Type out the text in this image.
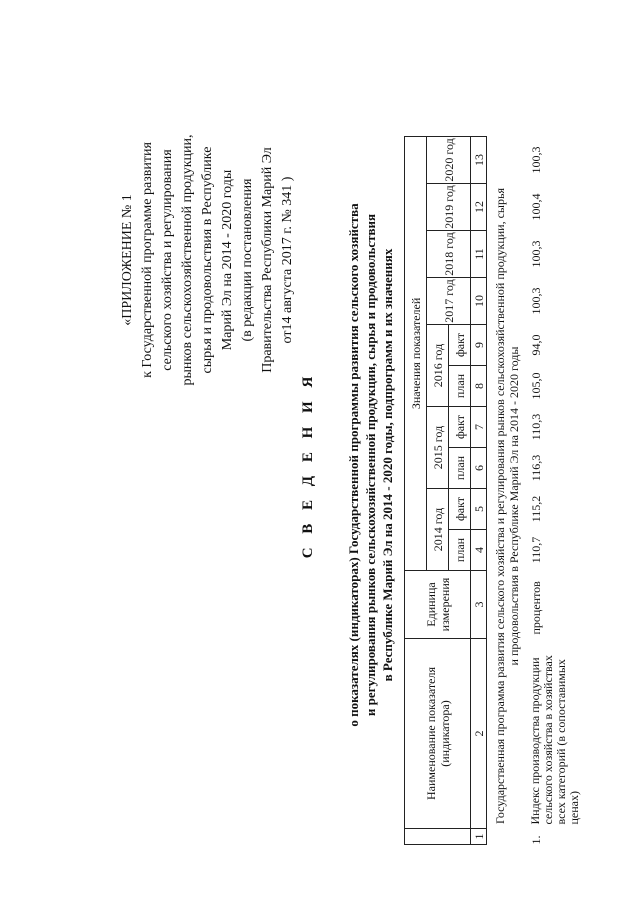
«ПРИЛОЖЕНИЕ № 1 к Государственной программе развития сельского хозяйства и регулирования рынков сельскохозяйственной продукции, сырья и продовольствия в Республике Марий Эл на 2014 - 2020 годы (в редакции постановления Правительства Республики Марий Эл от14 августа 2017 г. № 341 )
С В Е Д Е Н И Я о показателях (индикаторах) Государственной программы развития сельского хозяйства и регулирования рынков сельскохозяйственной продукции, сырья и продовольствия в Республике Марий Эл на 2014 - 2020 годы, подпрограмм и их значениях
	Наименование показателя (индикатора)	Единица измерения	Значения показателей										
			2014 год		2015 год		2016 год		2017 год	2018 год	2019 год	2020 год	
			план	факт	план	факт	план	факт					
1	2	3	4	5	6	7	8	9	10	11	12	13	
	Государственная программа развития сельского хозяйства и регулирования рынков сельскохозяйственной продукции, сырья и продовольствия в Республике Марий Эл на 2014 - 2020 годы												
1.	Индекс производства продукции сельского хозяйства в хозяйствах всех категорий (в сопоставимых ценах)	процентов	110,7	115,2	116,3	110,3	105,0	94,0	100,3	100,3	100,4	100,3	
